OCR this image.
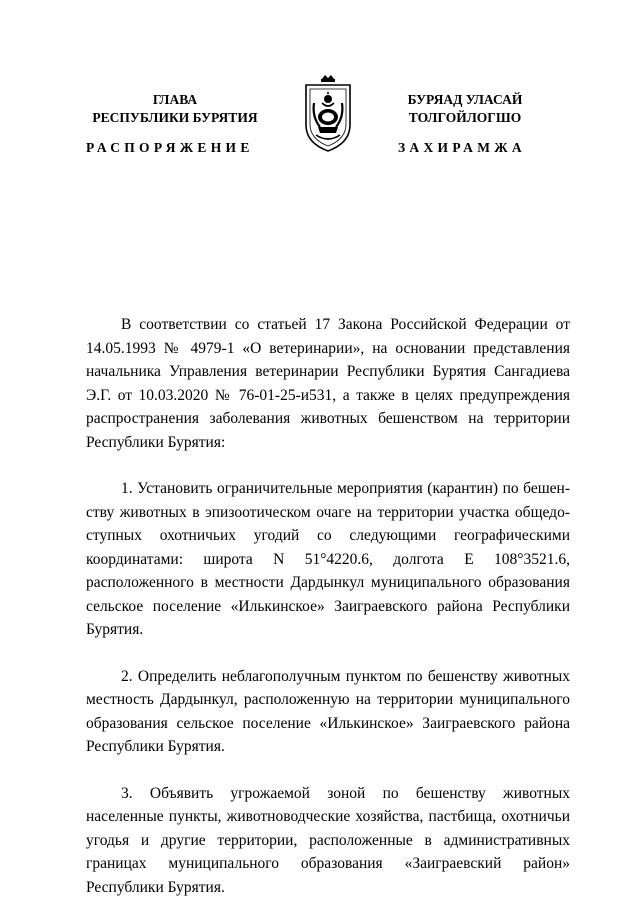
ГЛАВА
РЕСПУБЛИКИ БУРЯТИЯ
БУРЯАД УЛАСАЙ
ТОЛГОЙЛОГШО
РАСПОРЯЖЕНИЕ	ЗАХИРАМЖА

В соответствии со статьей 17 Закона Российской Федерации от 14.05.1993 № 4979-1 «О ветеринарии», на основании представления начальника Управления ветеринарии Республики Бурятия Сангадиева Э.Г. от 10.03.2020 № 76-01-25-и531, а также в целях предупреждения распространения заболевания животных бешенством на территории Республики Бурятия:

1. Установить ограничительные мероприятия (карантин) по бешенству животных в эпизоотическом очаге на территории участка общедоступных охотничьих угодий со следующими географическими координатами: широта N 51°4220.6, долгота E 108°3521.6, расположенного в местности Дардынкул муниципального образования сельское поселение «Илькинское» Заиграевского района Республики Бурятия.

2. Определить неблагополучным пунктом по бешенству животных местность Дардынкул, расположенную на территории муниципального образования сельское поселение «Илькинское» Заиграевского района Республики Бурятия.

3. Объявить угрожаемой зоной по бешенству животных населенные пункты, животноводческие хозяйства, пастбища, охотничьи угодья и другие территории, расположенные в административных границах муниципального образования «Заиграевский район» Республики Бурятия.
